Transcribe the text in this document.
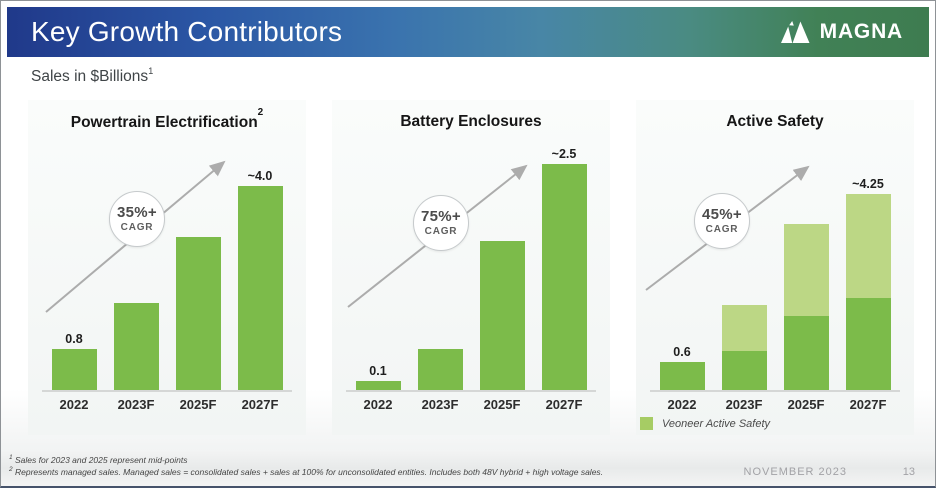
Key Growth Contributors	MAGNA
Sales in $Billions$^1$
Powertrain Electrification$^2$
35%+
CAGR
0.8
~4.0
2022	2023F	2025F	2027F
Battery Enclosures
75%+
CAGR
0.1
~2.5
2022	2023F	2025F	2027F
Active Safety
45%+
CAGR
0.6
~4.25
2022	2023F	2025F	2027F
Veoneer Active Safety
$^1$ Sales for 2023 and 2025 represent mid-points
$^2$ Represents managed sales. Managed sales = consolidated sales + sales at 100% for unconsolidated entities. Includes both 48V hybrid + high voltage sales.	NOVEMBER 2023	13
